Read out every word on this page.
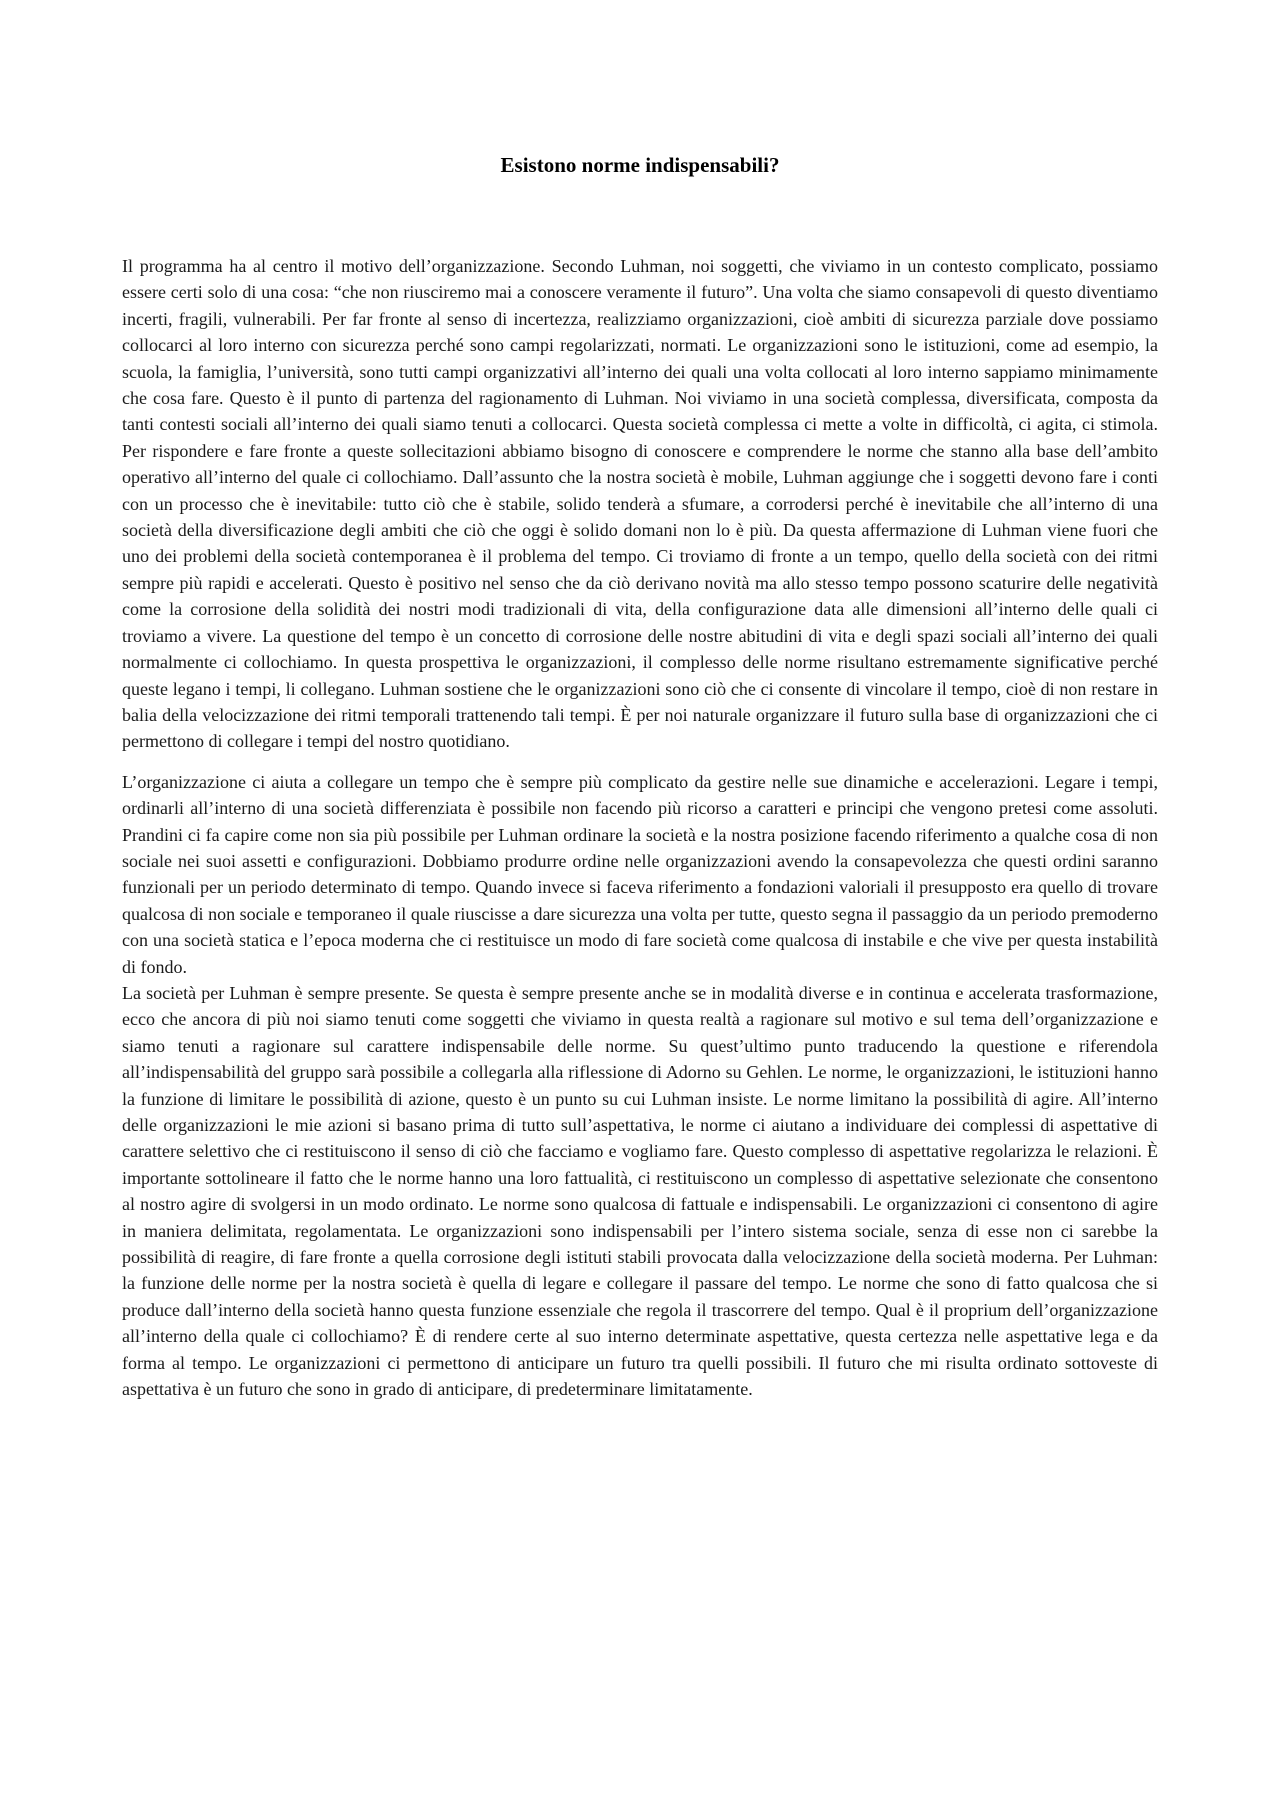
Esistono norme indispensabili?

Il programma ha al centro il motivo dell’organizzazione. Secondo Luhman, noi soggetti, che viviamo in un contesto complicato, possiamo essere certi solo di una cosa: “che non riusciremo mai a conoscere veramente il futuro”. Una volta che siamo consapevoli di questo diventiamo incerti, fragili, vulnerabili. Per far fronte al senso di incertezza, realizziamo organizzazioni, cioè ambiti di sicurezza parziale dove possiamo collocarci al loro interno con sicurezza perché sono campi regolarizzati, normati. Le organizzazioni sono le istituzioni, come ad esempio, la scuola, la famiglia, l’università, sono tutti campi organizzativi all’interno dei quali una volta collocati al loro interno sappiamo minimamente che cosa fare. Questo è il punto di partenza del ragionamento di Luhman. Noi viviamo in una società complessa, diversificata, composta da tanti contesti sociali all’interno dei quali siamo tenuti a collocarci. Questa società complessa ci mette a volte in difficoltà, ci agita, ci stimola. Per rispondere e fare fronte a queste sollecitazioni abbiamo bisogno di conoscere e comprendere le norme che stanno alla base dell’ambito operativo all’interno del quale ci collochiamo. Dall’assunto che la nostra società è mobile, Luhman aggiunge che i soggetti devono fare i conti con un processo che è inevitabile: tutto ciò che è stabile, solido tenderà a sfumare, a corrodersi perché è inevitabile che all’interno di una società della diversificazione degli ambiti che ciò che oggi è solido domani non lo è più. Da questa affermazione di Luhman viene fuori che uno dei problemi della società contemporanea è il problema del tempo. Ci troviamo di fronte a un tempo, quello della società con dei ritmi sempre più rapidi e accelerati. Questo è positivo nel senso che da ciò derivano novità ma allo stesso tempo possono scaturire delle negatività come la corrosione della solidità dei nostri modi tradizionali di vita, della configurazione data alle dimensioni all’interno delle quali ci troviamo a vivere. La questione del tempo è un concetto di corrosione delle nostre abitudini di vita e degli spazi sociali all’interno dei quali normalmente ci collochiamo. In questa prospettiva le organizzazioni, il complesso delle norme risultano estremamente significative perché queste legano i tempi, li collegano. Luhman sostiene che le organizzazioni sono ciò che ci consente di vincolare il tempo, cioè di non restare in balia della velocizzazione dei ritmi temporali trattenendo tali tempi. È per noi naturale organizzare il futuro sulla base di organizzazioni che ci permettono di collegare i tempi del nostro quotidiano.

L’organizzazione ci aiuta a collegare un tempo che è sempre più complicato da gestire nelle sue dinamiche e accelerazioni. Legare i tempi, ordinarli all’interno di una società differenziata è possibile non facendo più ricorso a caratteri e principi che vengono pretesi come assoluti. Prandini ci fa capire come non sia più possibile per Luhman ordinare la società e la nostra posizione facendo riferimento a qualche cosa di non sociale nei suoi assetti e configurazioni. Dobbiamo produrre ordine nelle organizzazioni avendo la consapevolezza che questi ordini saranno funzionali per un periodo determinato di tempo. Quando invece si faceva riferimento a fondazioni valoriali il presupposto era quello di trovare qualcosa di non sociale e temporaneo il quale riuscisse a dare sicurezza una volta per tutte, questo segna il passaggio da un periodo premoderno con una società statica e l’epoca moderna che ci restituisce un modo di fare società come qualcosa di instabile e che vive per questa instabilità di fondo.

La società per Luhman è sempre presente. Se questa è sempre presente anche se in modalità diverse e in continua e accelerata trasformazione, ecco che ancora di più noi siamo tenuti come soggetti che viviamo in questa realtà a ragionare sul motivo e sul tema dell’organizzazione e siamo tenuti a ragionare sul carattere indispensabile delle norme. Su quest’ultimo punto traducendo la questione e riferendola all’indispensabilità del gruppo sarà possibile a collegarla alla riflessione di Adorno su Gehlen. Le norme, le organizzazioni, le istituzioni hanno la funzione di limitare le possibilità di azione, questo è un punto su cui Luhman insiste. Le norme limitano la possibilità di agire. All’interno delle organizzazioni le mie azioni si basano prima di tutto sull’aspettativa, le norme ci aiutano a individuare dei complessi di aspettative di carattere selettivo che ci restituiscono il senso di ciò che facciamo e vogliamo fare. Questo complesso di aspettative regolarizza le relazioni. È importante sottolineare il fatto che le norme hanno una loro fattualità, ci restituiscono un complesso di aspettative selezionate che consentono al nostro agire di svolgersi in un modo ordinato. Le norme sono qualcosa di fattuale e indispensabili. Le organizzazioni ci consentono di agire in maniera delimitata, regolamentata. Le organizzazioni sono indispensabili per l’intero sistema sociale, senza di esse non ci sarebbe la possibilità di reagire, di fare fronte a quella corrosione degli istituti stabili provocata dalla velocizzazione della società moderna. Per Luhman: la funzione delle norme per la nostra società è quella di legare e collegare il passare del tempo. Le norme che sono di fatto qualcosa che si produce dall’interno della società hanno questa funzione essenziale che regola il trascorrere del tempo. Qual è il proprium dell’organizzazione all’interno della quale ci collochiamo? È di rendere certe al suo interno determinate aspettative, questa certezza nelle aspettative lega e da forma al tempo. Le organizzazioni ci permettono di anticipare un futuro tra quelli possibili. Il futuro che mi risulta ordinato sottoveste di aspettativa è un futuro che sono in grado di anticipare, di predeterminare limitatamente.
